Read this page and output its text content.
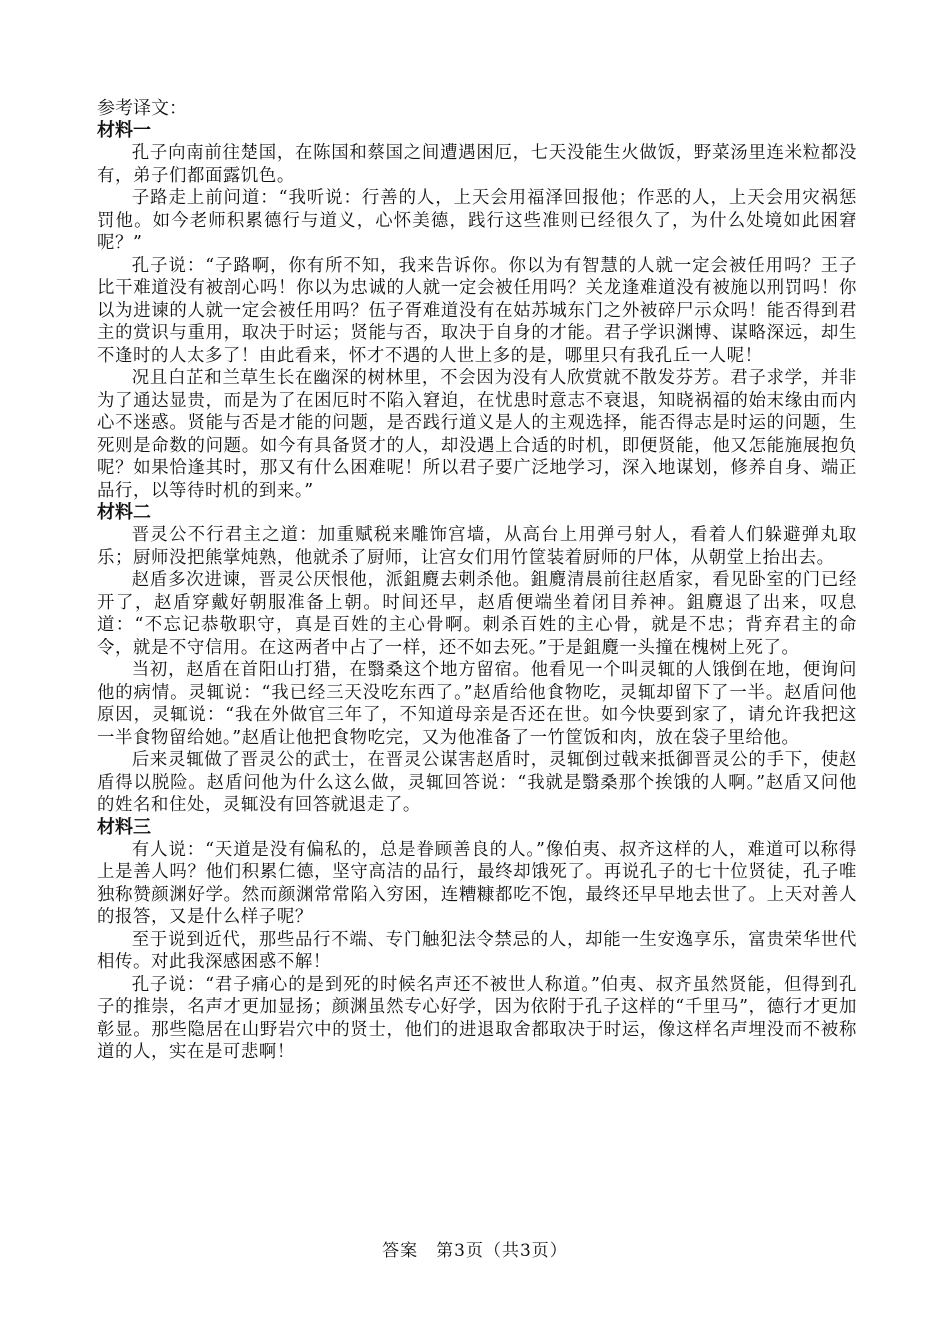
参考译文：

材料一

孔子向南前往楚国，在陈国和蔡国之间遭遇困厄，七天没能生火做饭，野菜汤里连米粒都没有，弟子们都面露饥色。

子路走上前问道：“我听说：行善的人，上天会用福泽回报他；作恶的人，上天会用灾祸惩罚他。如今老师积累德行与道义，心怀美德，践行这些准则已经很久了，为什么处境如此困窘呢？”

孔子说：“子路啊，你有所不知，我来告诉你。你以为有智慧的人就一定会被任用吗？王子比干难道没有被剖心吗！你以为忠诚的人就一定会被任用吗？关龙逢难道没有被施以刑罚吗！你以为进谏的人就一定会被任用吗？伍子胥难道没有在姑苏城东门之外被碎尸示众吗！能否得到君主的赏识与重用，取决于时运；贤能与否，取决于自身的才能。君子学识渊博、谋略深远，却生不逢时的人太多了！由此看来，怀才不遇的人世上多的是，哪里只有我孔丘一人呢！

况且白芷和兰草生长在幽深的树林里，不会因为没有人欣赏就不散发芬芳。君子求学，并非为了通达显贵，而是为了在困厄时不陷入窘迫，在忧患时意志不衰退，知晓祸福的始末缘由而内心不迷惑。贤能与否是才能的问题，是否践行道义是人的主观选择，能否得志是时运的问题，生死则是命数的问题。如今有具备贤才的人，却没遇上合适的时机，即便贤能，他又怎能施展抱负呢？如果恰逢其时，那又有什么困难呢！所以君子要广泛地学习，深入地谋划，修养自身、端正品行，以等待时机的到来。”

材料二

晋灵公不行君主之道：加重赋税来雕饰宫墙，从高台上用弹弓射人，看着人们躲避弹丸取乐；厨师没把熊掌炖熟，他就杀了厨师，让宫女们用竹筐装着厨师的尸体，从朝堂上抬出去。

赵盾多次进谏，晋灵公厌恨他，派鉏麑去刺杀他。鉏麑清晨前往赵盾家，看见卧室的门已经开了，赵盾穿戴好朝服准备上朝。时间还早，赵盾便端坐着闭目养神。鉏麑退了出来，叹息道：“不忘记恭敬职守，真是百姓的主心骨啊。刺杀百姓的主心骨，就是不忠；背弃君主的命令，就是不守信用。在这两者中占了一样，还不如去死。”于是鉏麑一头撞在槐树上死了。

当初，赵盾在首阳山打猎，在翳桑这个地方留宿。他看见一个叫灵辄的人饿倒在地，便询问他的病情。灵辄说：“我已经三天没吃东西了。”赵盾给他食物吃，灵辄却留下了一半。赵盾问他原因，灵辄说：“我在外做官三年了，不知道母亲是否还在世。如今快要到家了，请允许我把这一半食物留给她。”赵盾让他把食物吃完，又为他准备了一竹筐饭和肉，放在袋子里给他。

后来灵辄做了晋灵公的武士，在晋灵公谋害赵盾时，灵辄倒过戟来抵御晋灵公的手下，使赵盾得以脱险。赵盾问他为什么这么做，灵辄回答说：“我就是翳桑那个挨饿的人啊。”赵盾又问他的姓名和住处，灵辄没有回答就退走了。

材料三

有人说：“天道是没有偏私的，总是眷顾善良的人。”像伯夷、叔齐这样的人，难道可以称得上是善人吗？他们积累仁德，坚守高洁的品行，最终却饿死了。再说孔子的七十位贤徒，孔子唯独称赞颜渊好学。然而颜渊常常陷入穷困，连糟糠都吃不饱，最终还早早地去世了。上天对善人的报答，又是什么样子呢？

至于说到近代，那些品行不端、专门触犯法令禁忌的人，却能一生安逸享乐，富贵荣华世代相传。对此我深感困惑不解！

孔子说：“君子痛心的是到死的时候名声还不被世人称道。”伯夷、叔齐虽然贤能，但得到孔子的推崇，名声才更加显扬；颜渊虽然专心好学，因为依附于孔子这样的“千里马”，德行才更加彰显。那些隐居在山野岩穴中的贤士，他们的进退取舍都取决于时运，像这样名声埋没而不被称道的人，实在是可悲啊！

答案　第3页（共3页）
